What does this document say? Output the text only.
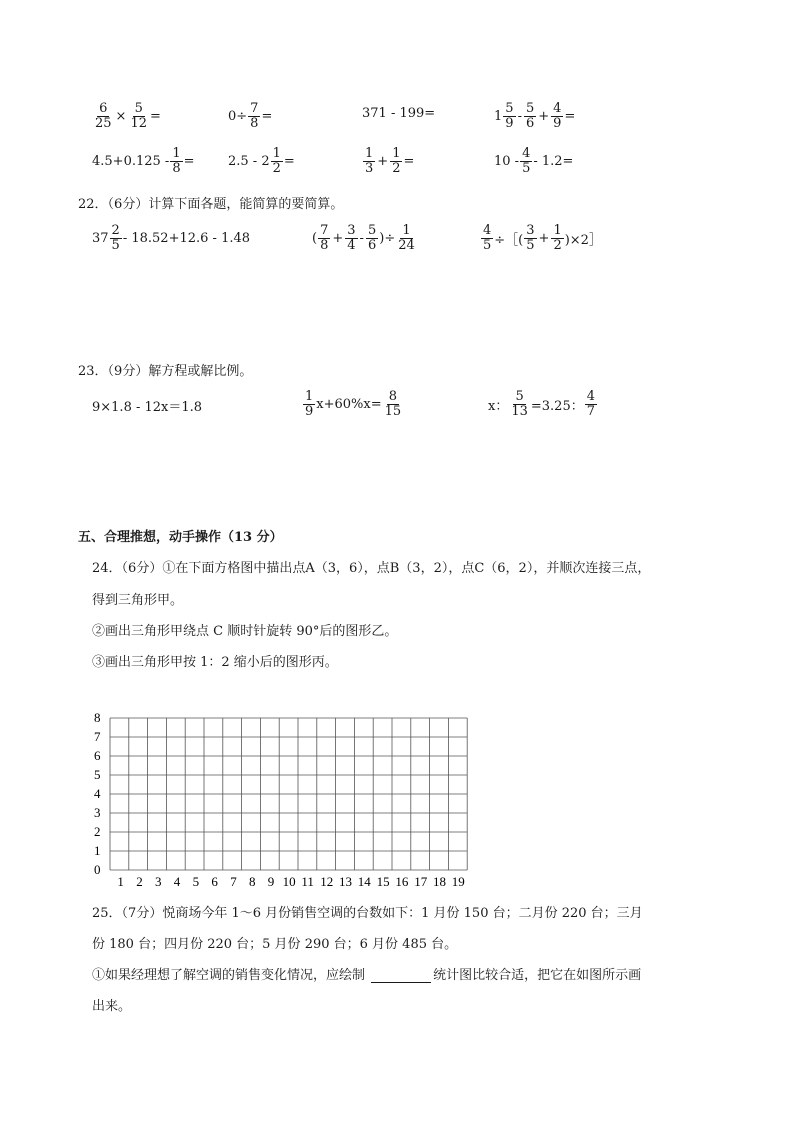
$\frac{6}{25} \times \frac{5}{12}$ =	$0\div \frac{7}{8}$ =	371 - 199=	$1 \frac{5}{9} - \frac{5}{6} + \frac{4}{9}$ =
$4.5+0.125 - \frac{1}{8}$ =	$2.5 - 2 \frac{1}{2}$ =	$\frac{1}{3} + \frac{1}{2}$ =	$10 - \frac{4}{5} - 1.2=$
22．（6分）计算下面各题，能简算的要简算。
$37 \frac{2}{5} - 18.52+12.6 - 1.48$	( $\frac{7}{8} + \frac{3}{4} - \frac{5}{6}$ ) ÷ $\frac{1}{24}$	$\frac{4}{5}$ ÷［( $\frac{3}{5} + \frac{1}{2}$ )×2］
23．（9分）解方程或解比例。
9×1.8 - 12x＝1.8	$\frac{1}{9} x+60\%x= \frac{8}{15}$	x： $\frac{5}{13} =3.25$： $\frac{4}{7}$
五、合理推想，动手操作（13 分）
24．（6分）①在下面方格图中描出点A（3，6），点B（3，2），点C（6，2），并顺次连接三点，
得到三角形甲。
②画出三角形甲绕点 C 顺时针旋转 90°后的图形乙。
③画出三角形甲按 1：2 缩小后的图形丙。
0
1
2
3
4
5
6
7
8
1 2 3 4 5 6 7 8 9 10 11 12 13 14 15 16 17 18 19
25．（7分）悦商场今年 1～6 月份销售空调的台数如下：1 月份 150 台；二月份 220 台；三月
份 180 台；四月份 220 台；5 月份 290 台；6 月份 485 台。
①如果经理想了解空调的销售变化情况，应绘制	统计图比较合适，把它在如图所示画
出来。
